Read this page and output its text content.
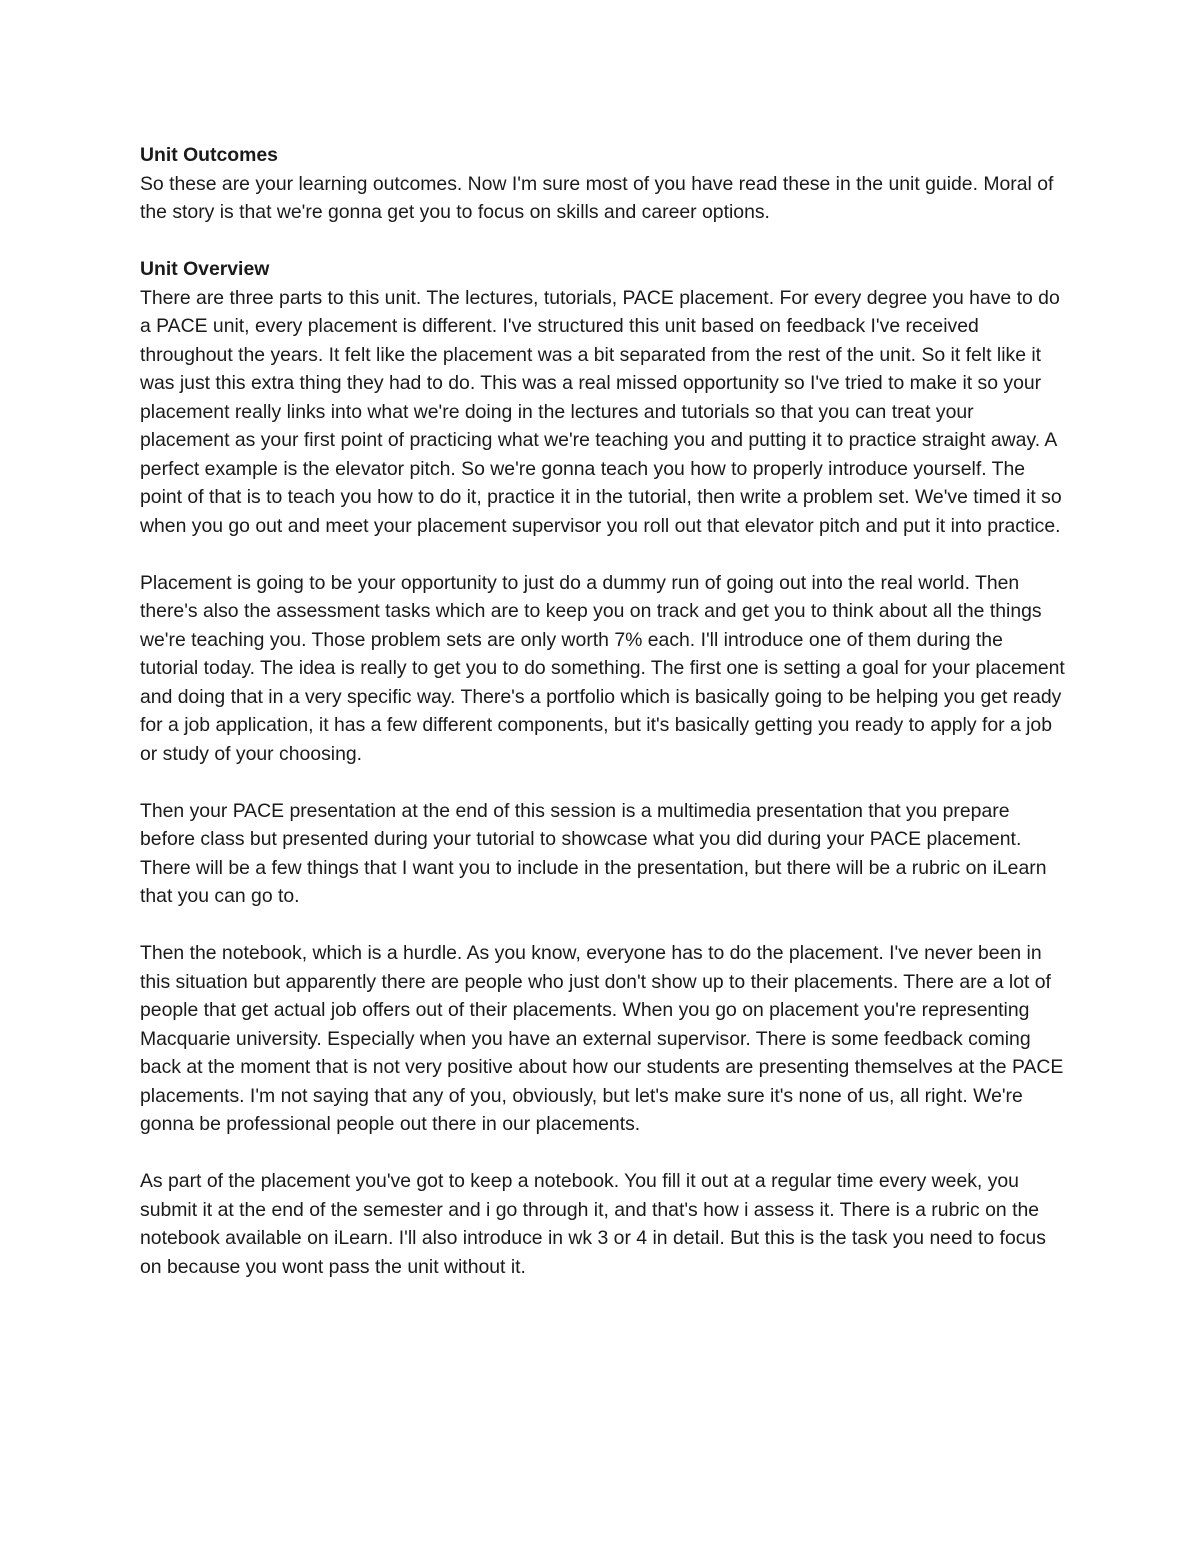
Unit Outcomes

So these are your learning outcomes. Now I'm sure most of you have read these in the unit guide. Moral of the story is that we're gonna get you to focus on skills and career options.

Unit Overview

There are three parts to this unit. The lectures, tutorials, PACE placement. For every degree you have to do a PACE unit, every placement is different. I've structured this unit based on feedback I've received throughout the years. It felt like the placement was a bit separated from the rest of the unit. So it felt like it was just this extra thing they had to do. This was a real missed opportunity so I've tried to make it so your placement really links into what we're doing in the lectures and tutorials so that you can treat your placement as your first point of practicing what we're teaching you and putting it to practice straight away. A perfect example is the elevator pitch. So we're gonna teach you how to properly introduce yourself. The point of that is to teach you how to do it, practice it in the tutorial, then write a problem set. We've timed it so when you go out and meet your placement supervisor you roll out that elevator pitch and put it into practice.

Placement is going to be your opportunity to just do a dummy run of going out into the real world. Then there's also the assessment tasks which are to keep you on track and get you to think about all the things we're teaching you. Those problem sets are only worth 7% each. I'll introduce one of them during the tutorial today. The idea is really to get you to do something. The first one is setting a goal for your placement and doing that in a very specific way. There's a portfolio which is basically going to be helping you get ready for a job application, it has a few different components, but it's basically getting you ready to apply for a job or study of your choosing.

Then your PACE presentation at the end of this session is a multimedia presentation that you prepare before class but presented during your tutorial to showcase what you did during your PACE placement. There will be a few things that I want you to include in the presentation, but there will be a rubric on iLearn that you can go to.

Then the notebook, which is a hurdle. As you know, everyone has to do the placement. I've never been in this situation but apparently there are people who just don't show up to their placements. There are a lot of people that get actual job offers out of their placements. When you go on placement you're representing Macquarie university. Especially when you have an external supervisor. There is some feedback coming back at the moment that is not very positive about how our students are presenting themselves at the PACE placements. I'm not saying that any of you, obviously, but let's make sure it's none of us, all right. We're gonna be professional people out there in our placements.

As part of the placement you've got to keep a notebook. You fill it out at a regular time every week, you submit it at the end of the semester and i go through it, and that's how i assess it. There is a rubric on the notebook available on iLearn. I'll also introduce in wk 3 or 4 in detail. But this is the task you need to focus on because you wont pass the unit without it.
